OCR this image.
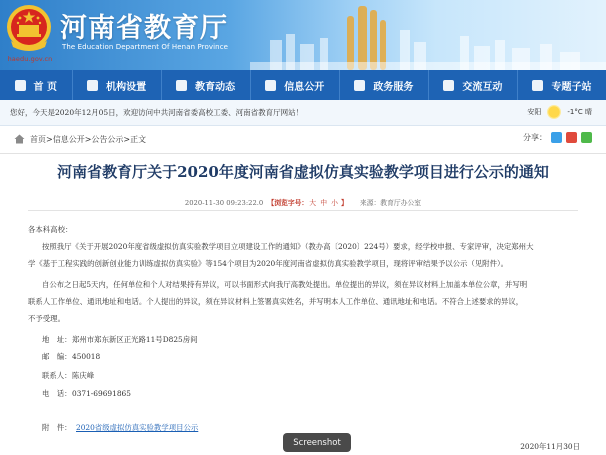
haedu.gov.cn
河南省教育厅
The Education Department Of Henan Province
首 页	机构设置	教育动态	信息公开	政务服务	交流互动	专题子站
您好，今天是2020年12月05日，欢迎访问中共河南省委高校工委、河南省教育厅网站！	安阳	-1°C 晴
首页>信息公开>公告公示>正文	分享：
河南省教育厅关于2020年度河南省虚拟仿真实验教学项目进行公示的通知
2020-11-30 09:23:22.0 【浏览字号：大 中 小 】 来源：教育厅办公室
各本科高校：
按照我厅《关于开展2020年度省级虚拟仿真实验教学项目立项建设工作的通知》（教办高〔2020〕224号）要求，经学校申报、专家评审，决定郑州大
学《基于工程实践的创新创业能力训练虚拟仿真实验》等154个项目为2020年度河南省虚拟仿真实验教学项目，现将评审结果予以公示（见附件）。
自公布之日起5天内，任何单位和个人对结果持有异议，可以书面形式向我厅高教处提出。单位提出的异议，须在异议材料上加盖本单位公章，并写明
联系人工作单位、通讯地址和电话。个人提出的异议，须在异议材料上签署真实姓名，并写明本人工作单位、通讯地址和电话。不符合上述要求的异议，
不予受理。
地　址： 郑州市郑东新区正光路11号D825房间
邮　编： 450018
联系人： 陈庆峰
电　话： 0371-69691865
附　件： 2020省级虚拟仿真实验教学项目公示
2020年11月30日
Screenshot
